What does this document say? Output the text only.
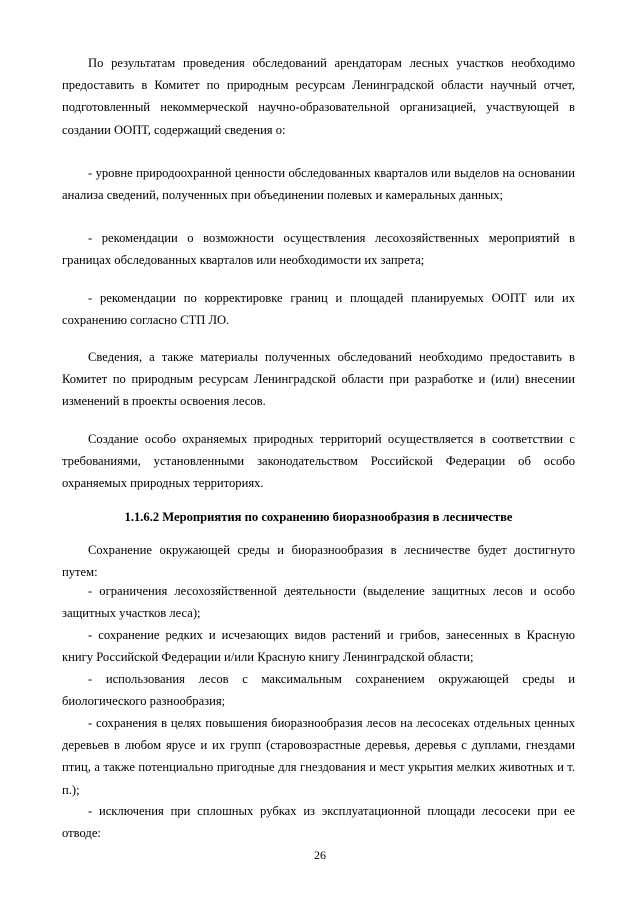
По результатам проведения обследований арендаторам лесных участков необходимо предоставить в Комитет по природным ресурсам Ленинградской области научный отчет, подготовленный некоммерческой научно-образовательной организацией, участвующей в создании ООПТ, содержащий сведения о:

- уровне природоохранной ценности обследованных кварталов или выделов на основании анализа сведений, полученных при объединении полевых и камеральных данных;

- рекомендации о возможности осуществления лесохозяйственных мероприятий в границах обследованных кварталов или необходимости их запрета;

- рекомендации по корректировке границ и площадей планируемых ООПТ или их сохранению согласно СТП ЛО.

Сведения, а также материалы полученных обследований необходимо предоставить в Комитет по природным ресурсам Ленинградской области при разработке и (или) внесении изменений в проекты освоения лесов.

Создание особо охраняемых природных территорий осуществляется в соответствии с требованиями, установленными законодательством Российской Федерации об особо охраняемых природных территориях.

1.1.6.2 Мероприятия по сохранению биоразнообразия в лесничестве

Сохранение окружающей среды и биоразнообразия в лесничестве будет достигнуто путем:

- ограничения лесохозяйственной деятельности (выделение защитных лесов и особо защитных участков леса);

- сохранение редких и исчезающих видов растений и грибов, занесенных в Красную книгу Российской Федерации и/или Красную книгу Ленинградской области;

- использования лесов с максимальным сохранением окружающей среды и биологического разнообразия;

- сохранения в целях повышения биоразнообразия лесов на лесосеках отдельных ценных деревьев в любом ярусе и их групп (старовозрастные деревья, деревья с дуплами, гнездами птиц, а также потенциально пригодные для гнездования и мест укрытия мелких животных и т. п.);

- исключения при сплошных рубках из эксплуатационной площади лесосеки при ее отводе:

26
